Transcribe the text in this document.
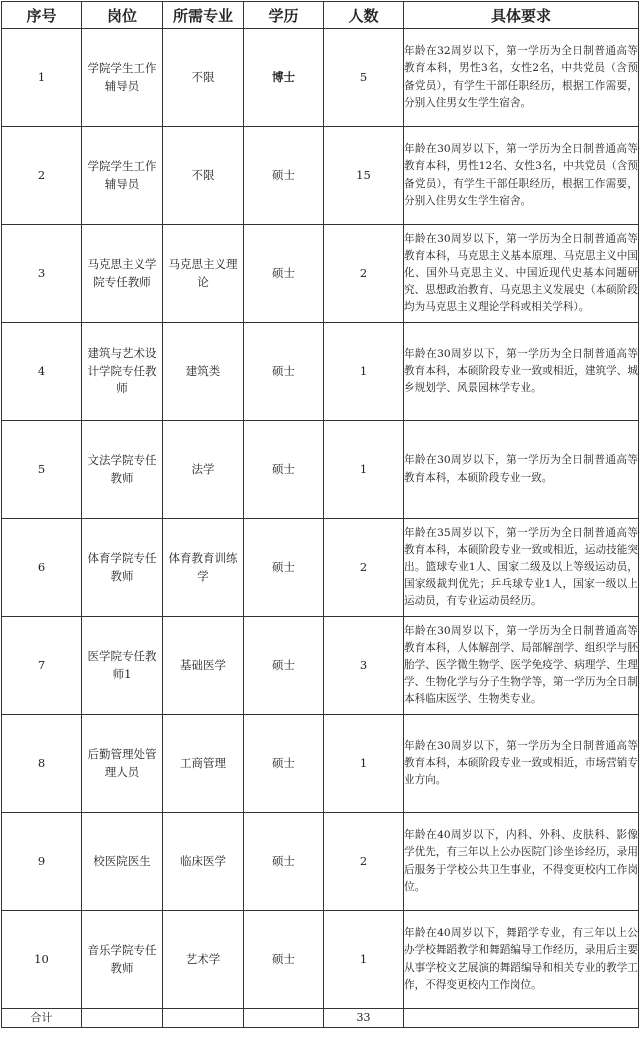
序号	岗位	所需专业	学历	人数	具体要求
1	学院学生工作辅导员	不限	博士	5	年龄在32周岁以下，第一学历为全日制普通高等教育本科，男性3名，女性2名，中共党员（含预备党员），有学生干部任职经历，根据工作需要，分别入住男女生学生宿舍。
2	学院学生工作辅导员	不限	硕士	15	年龄在30周岁以下，第一学历为全日制普通高等教育本科，男性12名、女性3名，中共党员（含预备党员），有学生干部任职经历，根据工作需要，分别入住男女生学生宿舍。
3	马克思主义学院专任教师	马克思主义理论	硕士	2	年龄在30周岁以下，第一学历为全日制普通高等教育本科，马克思主义基本原理、马克思主义中国化、国外马克思主义、中国近现代史基本问题研究、思想政治教育、马克思主义发展史（本硕阶段均为马克思主义理论学科或相关学科）。
4	建筑与艺术设计学院专任教师	建筑类	硕士	1	年龄在30周岁以下，第一学历为全日制普通高等教育本科，本硕阶段专业一致或相近，建筑学、城乡规划学、风景园林学专业。
5	文法学院专任教师	法学	硕士	1	年龄在30周岁以下，第一学历为全日制普通高等教育本科，本硕阶段专业一致。
6	体育学院专任教师	体育教育训练学	硕士	2	年龄在35周岁以下，第一学历为全日制普通高等教育本科，本硕阶段专业一致或相近，运动技能突出。篮球专业1人、国家二级及以上等级运动员，国家级裁判优先；乒乓球专业1人，国家一级以上运动员，有专业运动员经历。
7	医学院专任教师1	基础医学	硕士	3	年龄在30周岁以下，第一学历为全日制普通高等教育本科，人体解剖学、局部解剖学、组织学与胚胎学、医学微生物学、医学免疫学、病理学、生理学、生物化学与分子生物学等，第一学历为全日制本科临床医学、生物类专业。
8	后勤管理处管理人员	工商管理	硕士	1	年龄在30周岁以下，第一学历为全日制普通高等教育本科，本硕阶段专业一致或相近，市场营销专业方向。
9	校医院医生	临床医学	硕士	2	年龄在40周岁以下，内科、外科、皮肤科、影像学优先，有三年以上公办医院门诊坐诊经历，录用后服务于学校公共卫生事业，不得变更校内工作岗位。
10	音乐学院专任教师	艺术学	硕士	1	年龄在40周岁以下，舞蹈学专业，有三年以上公办学校舞蹈教学和舞蹈编导工作经历，录用后主要从事学校文艺展演的舞蹈编导和相关专业的教学工作，不得变更校内工作岗位。
合计				33	
